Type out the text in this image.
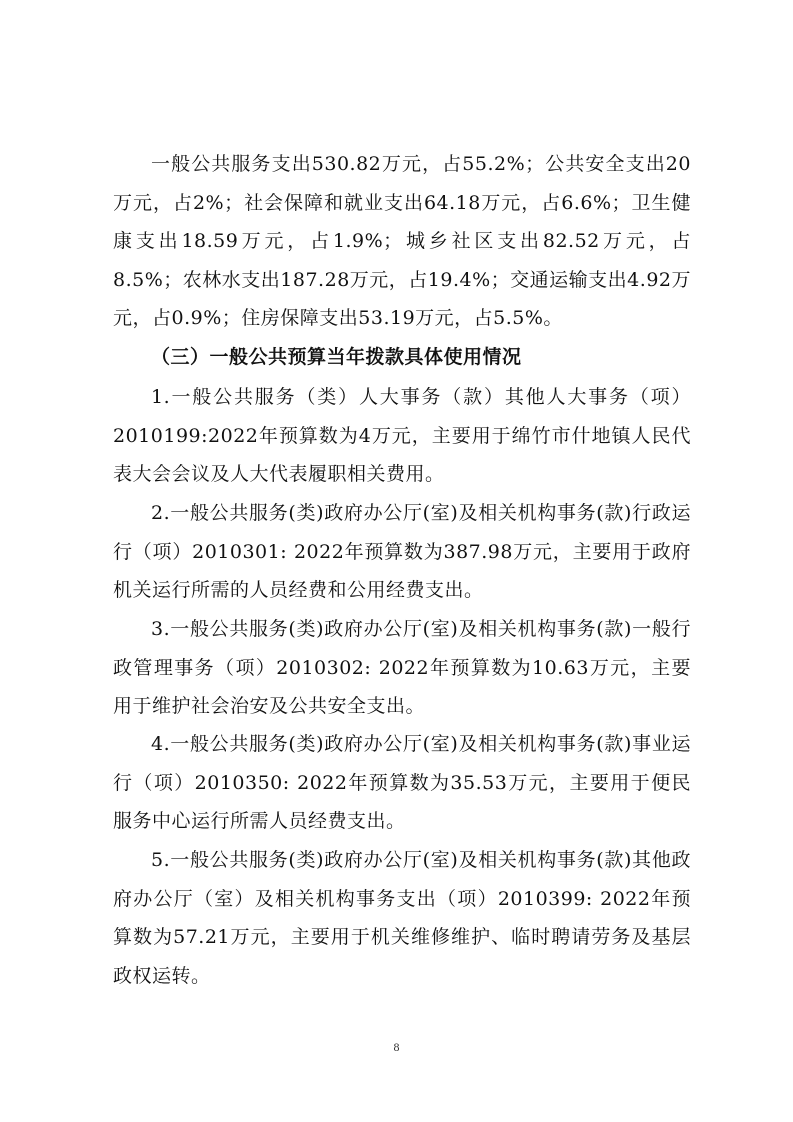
一般公共服务支出530.82万元，占55.2%；公共安全支出20万元，占2%；社会保障和就业支出64.18万元，占6.6%；卫生健康支出18.59万元，占1.9%；城乡社区支出82.52万元，占8.5%；农林水支出187.28万元，占19.4%；交通运输支出4.92万元，占0.9%；住房保障支出53.19万元，占5.5%。

（三）一般公共预算当年拨款具体使用情况

1.一般公共服务（类）人大事务（款）其他人大事务（项）2010199:2022年预算数为4万元，主要用于绵竹市什地镇人民代表大会会议及人大代表履职相关费用。

2.一般公共服务(类)政府办公厅(室)及相关机构事务(款)行政运行（项）2010301: 2022年预算数为387.98万元，主要用于政府机关运行所需的人员经费和公用经费支出。

3.一般公共服务(类)政府办公厅(室)及相关机构事务(款)一般行政管理事务（项）2010302: 2022年预算数为10.63万元，主要用于维护社会治安及公共安全支出。

4.一般公共服务(类)政府办公厅(室)及相关机构事务(款)事业运行（项）2010350: 2022年预算数为35.53万元，主要用于便民服务中心运行所需人员经费支出。

5.一般公共服务(类)政府办公厅(室)及相关机构事务(款)其他政府办公厅（室）及相关机构事务支出（项）2010399: 2022年预算数为57.21万元，主要用于机关维修维护、临时聘请劳务及基层政权运转。

8
